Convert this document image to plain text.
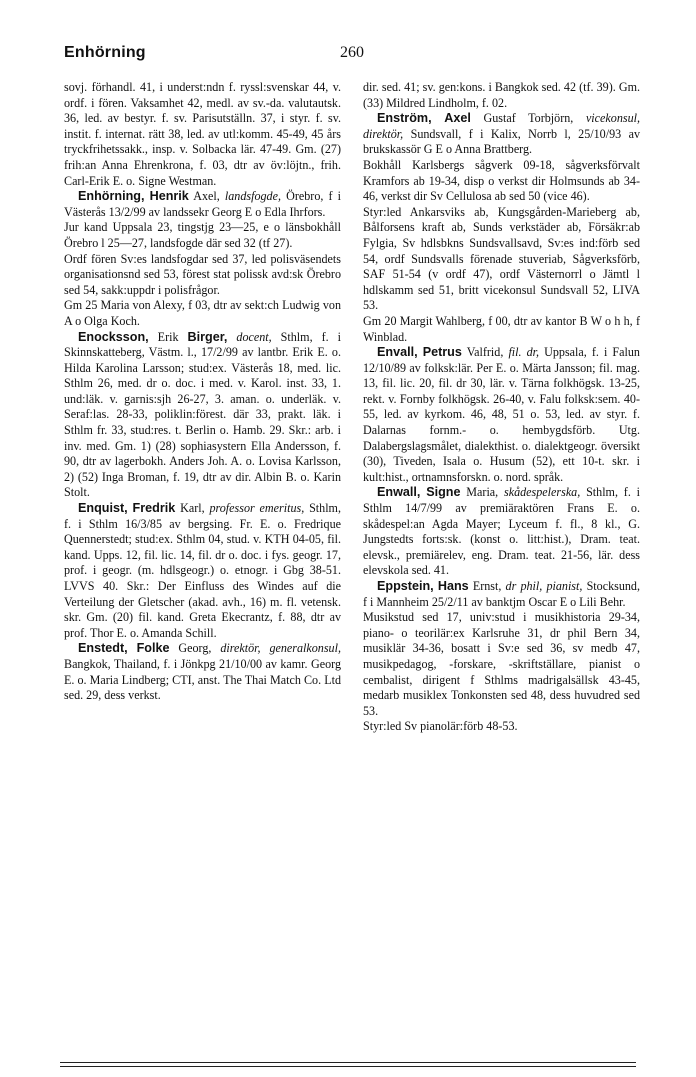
Enhörning	260

sovj. förhandl. 41, i underst:ndn f. ryssl:svenskar 44, v. ordf. i fören. Vaksamhet 42, medl. av sv.-da. valutautsk. 36, led. av bestyr. f. sv. Parisutställn. 37, i styr. f. sv. instit. f. internat. rätt 38, led. av utl:komm. 45-49, 45 års tryckfrihetssakk., insp. v. Solbacka lär. 47-49. Gm. (27) frih:an Anna Ehrenkrona, f. 03, dtr av öv:löjtn., frih. Carl-Erik E. o. Signe Westman.

Enhörning, Henrik Axel, landsfogde, Örebro, f i Västerås 13/2/99 av landssekr Georg E o Edla Ihrfors.

Jur kand Uppsala 23, tingstjg 23—25, e o länsbokhåll Örebro l 25—27, landsfogde där sed 32 (tf 27).

Ordf fören Sv:es landsfogdar sed 37, led polisväsendets organisationsnd sed 53, förest stat polissk avd:sk Örebro sed 54, sakk:uppdr i polisfrågor.

Gm 25 Maria von Alexy, f 03, dtr av sekt:ch Ludwig von A o Olga Koch.

Enocksson, Erik Birger, docent, Sthlm, f. i Skinnskatteberg, Västm. l., 17/2/99 av lantbr. Erik E. o. Hilda Karolina Larsson; stud:ex. Västerås 18, med. lic. Sthlm 26, med. dr o. doc. i med. v. Karol. inst. 33, 1. und:läk. v. garnis:sjh 26-27, 3. aman. o. underläk. v. Seraf:las. 28-33, poliklin:förest. där 33, prakt. läk. i Sthlm fr. 33, stud:res. t. Berlin o. Hamb. 29. Skr.: arb. i inv. med. Gm. 1) (28) sophiasystern Ella Andersson, f. 90, dtr av lagerbokh. Anders Joh. A. o. Lovisa Karlsson, 2) (52) Inga Broman, f. 19, dtr av dir. Albin B. o. Karin Stolt.

Enquist, Fredrik Karl, professor emeritus, Sthlm, f. i Sthlm 16/3/85 av bergsing. Fr. E. o. Fredrique Quennerstedt; stud:ex. Sthlm 04, stud. v. KTH 04-05, fil. kand. Upps. 12, fil. lic. 14, fil. dr o. doc. i fys. geogr. 17, prof. i geogr. (m. hdlsgeogr.) o. etnogr. i Gbg 38-51. LVVS 40. Skr.: Der Einfluss des Windes auf die Verteilung der Gletscher (akad. avh., 16) m. fl. vetensk. skr. Gm. (20) fil. kand. Greta Ekecrantz, f. 88, dtr av prof. Thor E. o. Amanda Schill.

Enstedt, Folke Georg, direktör, generalkonsul, Bangkok, Thailand, f. i Jönkpg 21/10/00 av kamr. Georg E. o. Maria Lindberg; CTI, anst. The Thai Match Co. Ltd sed. 29, dess verkst.

dir. sed. 41; sv. gen:kons. i Bangkok sed. 42 (tf. 39). Gm. (33) Mildred Lindholm, f. 02.

Enström, Axel Gustaf Torbjörn, vicekonsul, direktör, Sundsvall, f i Kalix, Norrb l, 25/10/93 av brukskassör G E o Anna Brattberg.

Bokhåll Karlsbergs sågverk 09-18, sågverksförvalt Kramfors ab 19-34, disp o verkst dir Holmsunds ab 34-46, verkst dir Sv Cellulosa ab sed 50 (vice 46).

Styr:led Ankarsviks ab, Kungsgården-Marieberg ab, Bålforsens kraft ab, Sunds verkstäder ab, Försäkr:ab Fylgia, Sv hdlsbkns Sundsvallsavd, Sv:es ind:förb sed 54, ordf Sundsvalls förenade stuveriab, Sågverksförb, SAF 51-54 (v ordf 47), ordf Västernorrl o Jämtl l hdlskamm sed 51, britt vicekonsul Sundsvall 52, LIVA 53.

Gm 20 Margit Wahlberg, f 00, dtr av kantor B W o h h, f Winblad.

Envall, Petrus Valfrid, fil. dr, Uppsala, f. i Falun 12/10/89 av folksk:lär. Per E. o. Märta Jansson; fil. mag. 13, fil. lic. 20, fil. dr 30, lär. v. Tärna folkhögsk. 13-25, rekt. v. Fornby folkhögsk. 26-40, v. Falu folksk:sem. 40-55, led. av kyrkom. 46, 48, 51 o. 53, led. av styr. f. Dalarnas fornm.- o. hembygdsförb. Utg. Dalabergslagsmålet, dialekthist. o. dialektgeogr. översikt (30), Tiveden, Isala o. Husum (52), ett 10-t. skr. i kult:hist., ortnamnsforskn. o. nord. språk.

Enwall, Signe Maria, skådespelerska, Sthlm, f. i Sthlm 14/7/99 av premiäraktören Frans E. o. skådespel:an Agda Mayer; Lyceum f. fl., 8 kl., G. Jungstedts forts:sk. (konst o. litt:hist.), Dram. teat. elevsk., premiärelev, eng. Dram. teat. 21-56, lär. dess elevskola sed. 41.

Eppstein, Hans Ernst, dr phil, pianist, Stocksund, f i Mannheim 25/2/11 av banktjm Oscar E o Lili Behr.

Musikstud sed 17, univ:stud i musikhistoria 29-34, piano- o teorilär:ex Karlsruhe 31, dr phil Bern 34, musiklär 34-36, bosatt i Sv:e sed 36, sv medb 47, musikpedagog, -forskare, -skriftställare, pianist o cembalist, dirigent f Sthlms madrigalsällsk 43-45, medarb musiklex Tonkonsten sed 48, dess huvudred sed 53.

Styr:led Sv pianolär:förb 48-53.
